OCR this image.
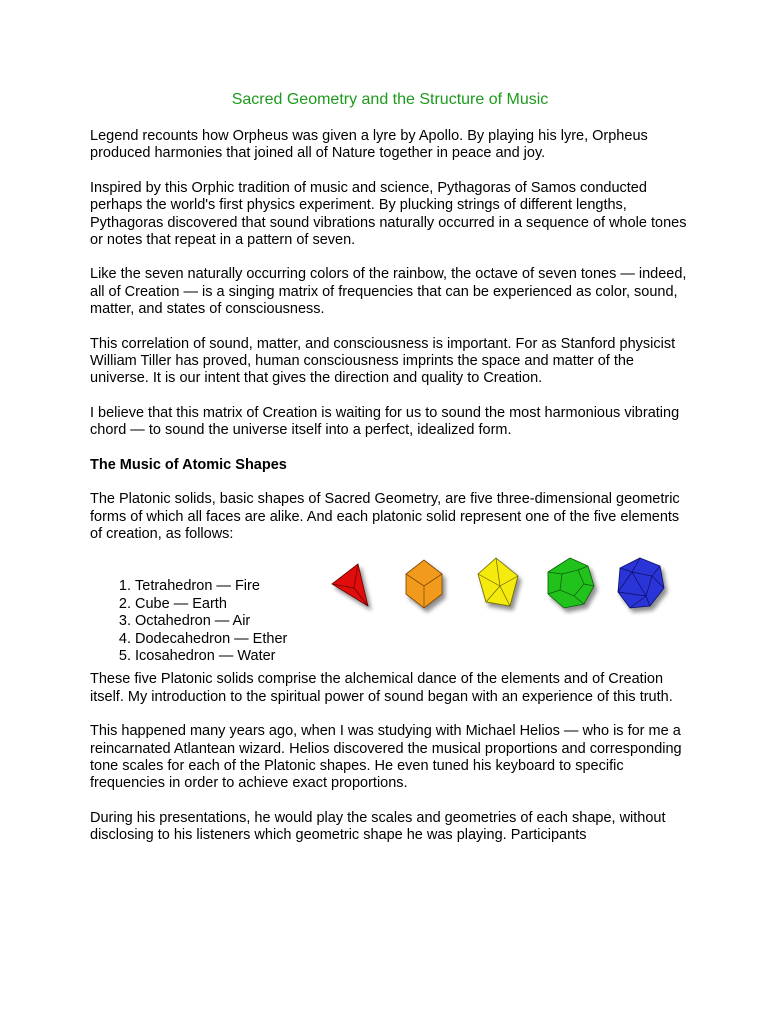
Sacred Geometry and the Structure of Music

Legend recounts how Orpheus was given a lyre by Apollo. By playing his lyre, Orpheus produced harmonies that joined all of Nature together in peace and joy.

Inspired by this Orphic tradition of music and science, Pythagoras of Samos conducted perhaps the world's first physics experiment. By plucking strings of different lengths, Pythagoras discovered that sound vibrations naturally occurred in a sequence of whole tones or notes that repeat in a pattern of seven.

Like the seven naturally occurring colors of the rainbow, the octave of seven tones — indeed, all of Creation — is a singing matrix of frequencies that can be experienced as color, sound, matter, and states of consciousness.

This correlation of sound, matter, and consciousness is important. For as Stanford physicist William Tiller has proved, human consciousness imprints the space and matter of the universe. It is our intent that gives the direction and quality to Creation.

I believe that this matrix of Creation is waiting for us to sound the most harmonious vibrating chord — to sound the universe itself into a perfect, idealized form.

The Music of Atomic Shapes

The Platonic solids, basic shapes of Sacred Geometry, are five three-dimensional geometric forms of which all faces are alike. And each platonic solid represent one of the five elements of creation, as follows:

1. Tetrahedron — Fire
2. Cube — Earth
3. Octahedron — Air
4. Dodecahedron — Ether
5. Icosahedron — Water

These five Platonic solids comprise the alchemical dance of the elements and of Creation itself. My introduction to the spiritual power of sound began with an experience of this truth.

This happened many years ago, when I was studying with Michael Helios — who is for me a reincarnated Atlantean wizard. Helios discovered the musical proportions and corresponding tone scales for each of the Platonic shapes. He even tuned his keyboard to specific frequencies in order to achieve exact proportions.

During his presentations, he would play the scales and geometries of each shape, without disclosing to his listeners which geometric shape he was playing. Participants
